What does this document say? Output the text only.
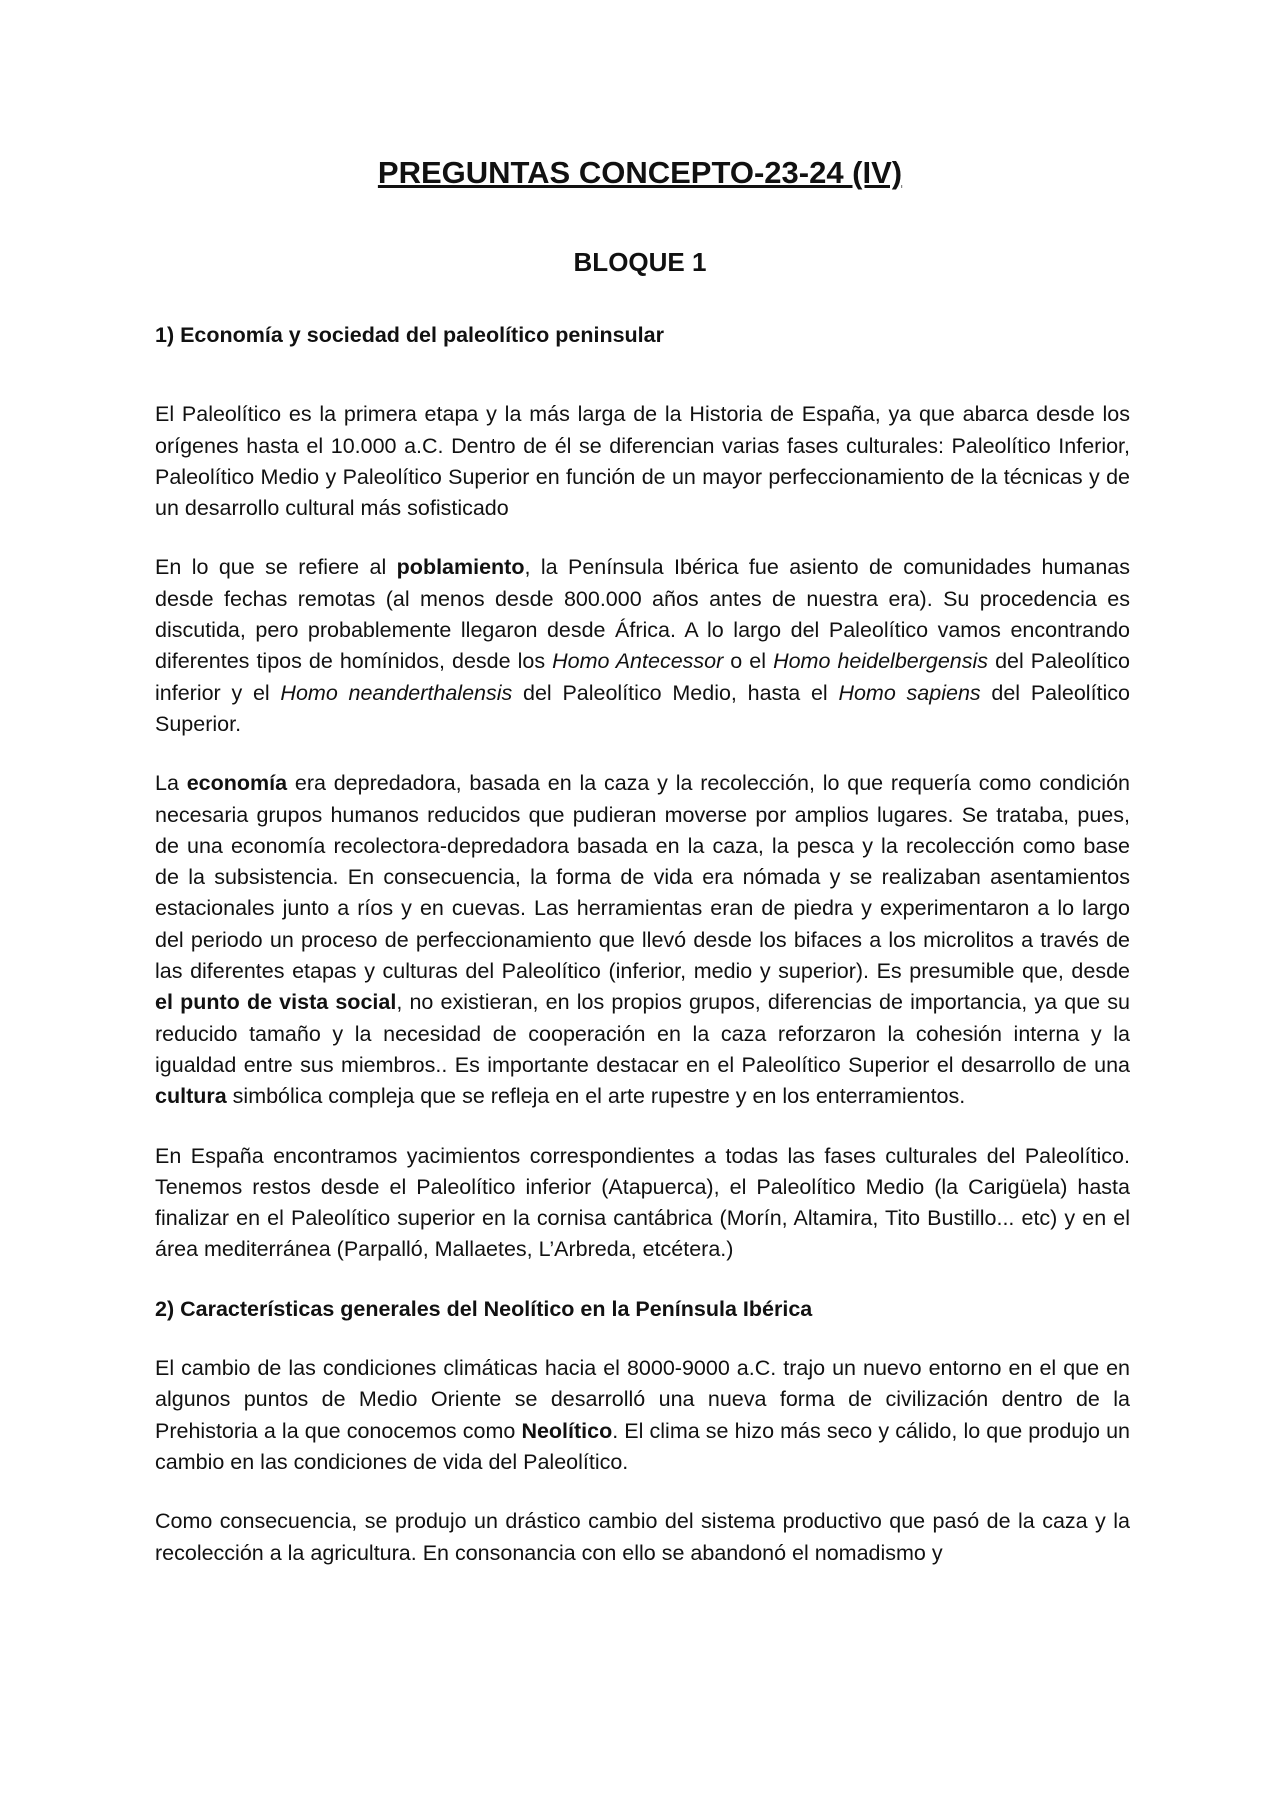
PREGUNTAS CONCEPTO-23-24 (IV)
BLOQUE 1
1) Economía y sociedad del paleolítico peninsular

El Paleolítico es la primera etapa y la más larga de la Historia de España, ya que abarca desde los orígenes hasta el 10.000 a.C. Dentro de él se diferencian varias fases culturales: Paleolítico Inferior, Paleolítico Medio y Paleolítico Superior en función de un mayor perfeccionamiento de la técnicas y de un desarrollo cultural más sofisticado

En lo que se refiere al poblamiento, la Península Ibérica fue asiento de comunidades humanas desde fechas remotas (al menos desde 800.000 años antes de nuestra era). Su procedencia es discutida, pero probablemente llegaron desde África. A lo largo del Paleolítico vamos encontrando diferentes tipos de homínidos, desde los Homo Antecessor o el Homo heidelbergensis del Paleolítico inferior y el Homo neanderthalensis del Paleolítico Medio, hasta el Homo sapiens del Paleolítico Superior.

La economía era depredadora, basada en la caza y la recolección, lo que requería como condición necesaria grupos humanos reducidos que pudieran moverse por amplios lugares. Se trataba, pues, de una economía recolectora-depredadora basada en la caza, la pesca y la recolección como base de la subsistencia. En consecuencia, la forma de vida era nómada y se realizaban asentamientos estacionales junto a ríos y en cuevas. Las herramientas eran de piedra y experimentaron a lo largo del periodo un proceso de perfeccionamiento que llevó desde los bifaces a los microlitos a través de las diferentes etapas y culturas del Paleolítico (inferior, medio y superior). Es presumible que, desde el punto de vista social, no existieran, en los propios grupos, diferencias de importancia, ya que su reducido tamaño y la necesidad de cooperación en la caza reforzaron la cohesión interna y la igualdad entre sus miembros.. Es importante destacar en el Paleolítico Superior el desarrollo de una cultura simbólica compleja que se refleja en el arte rupestre y en los enterramientos.

En España encontramos yacimientos correspondientes a todas las fases culturales del Paleolítico. Tenemos restos desde el Paleolítico inferior (Atapuerca), el Paleolítico Medio (la Carigüela) hasta finalizar en el Paleolítico superior en la cornisa cantábrica (Morín, Altamira, Tito Bustillo... etc) y en el área mediterránea (Parpalló, Mallaetes, L’Arbreda, etcétera.)

2) Características generales del Neolítico en la Península Ibérica

El cambio de las condiciones climáticas hacia el 8000-9000 a.C. trajo un nuevo entorno en el que en algunos puntos de Medio Oriente se desarrolló una nueva forma de civilización dentro de la Prehistoria a la que conocemos como Neolítico. El clima se hizo más seco y cálido, lo que produjo un cambio en las condiciones de vida del Paleolítico.

Como consecuencia, se produjo un drástico cambio del sistema productivo que pasó de la caza y la recolección a la agricultura. En consonancia con ello se abandonó el nomadismo y
